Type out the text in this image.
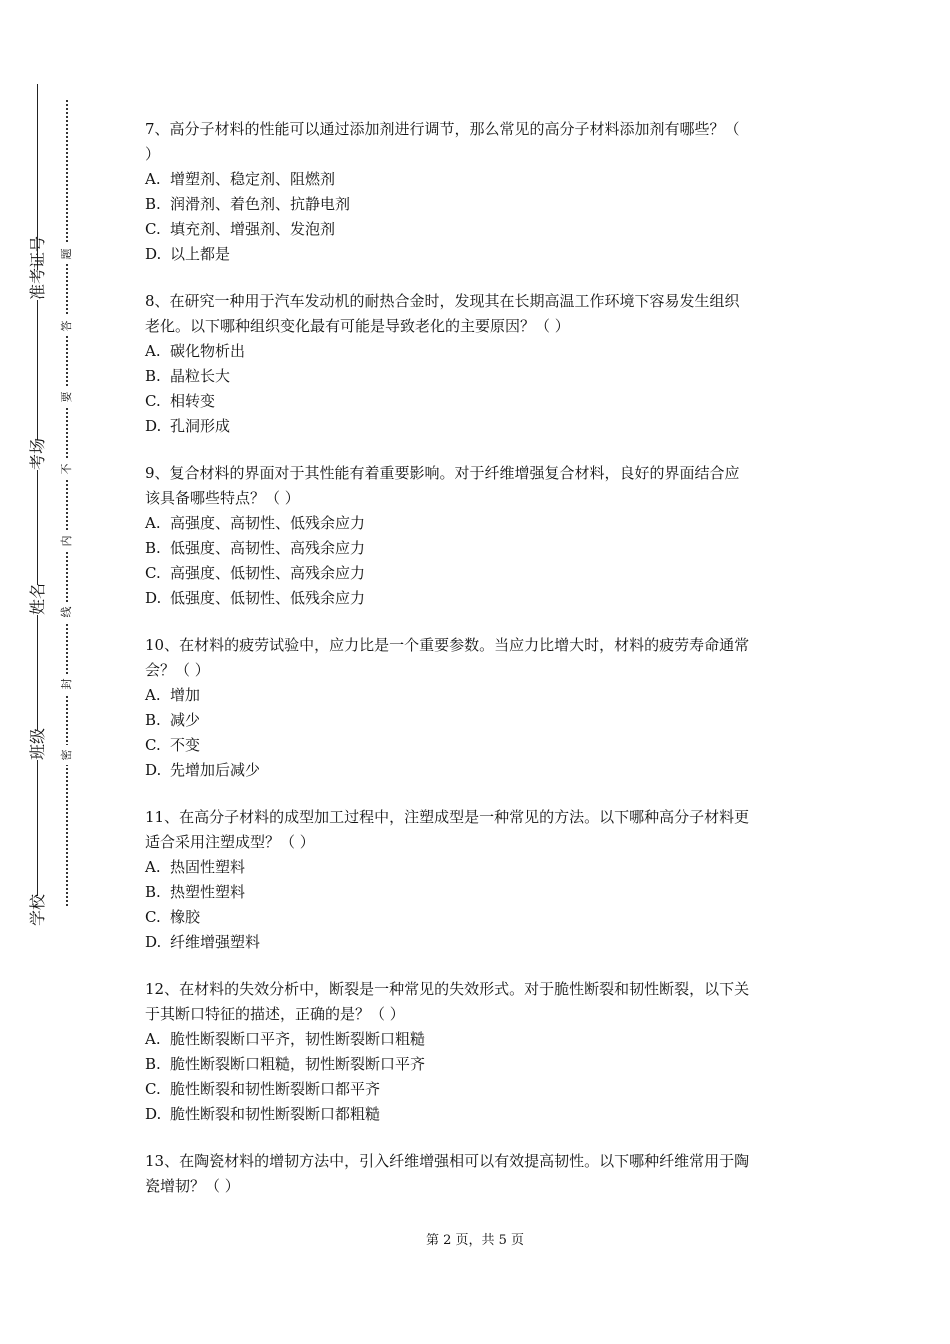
准考证号
考场
姓名
班级
学校
题
答
要
不
内
线
封
密

7、高分子材料的性能可以通过添加剂进行调节，那么常见的高分子材料添加剂有哪些？（

）

A. 增塑剂、稳定剂、阻燃剂
B. 润滑剂、着色剂、抗静电剂
C. 填充剂、增强剂、发泡剂
D. 以上都是

8、在研究一种用于汽车发动机的耐热合金时，发现其在长期高温工作环境下容易发生组织

老化。以下哪种组织变化最有可能是导致老化的主要原因？（ ）

A. 碳化物析出
B. 晶粒长大
C. 相转变
D. 孔洞形成

9、复合材料的界面对于其性能有着重要影响。对于纤维增强复合材料，良好的界面结合应

该具备哪些特点？（ ）

A. 高强度、高韧性、低残余应力
B. 低强度、高韧性、高残余应力
C. 高强度、低韧性、高残余应力
D. 低强度、低韧性、低残余应力

10、在材料的疲劳试验中，应力比是一个重要参数。当应力比增大时，材料的疲劳寿命通常

会？（ ）

A. 增加
B. 减少
C. 不变
D. 先增加后减少

11、在高分子材料的成型加工过程中，注塑成型是一种常见的方法。以下哪种高分子材料更

适合采用注塑成型？（ ）

A. 热固性塑料
B. 热塑性塑料
C. 橡胶
D. 纤维增强塑料

12、在材料的失效分析中，断裂是一种常见的失效形式。对于脆性断裂和韧性断裂，以下关

于其断口特征的描述，正确的是？（ ）

A. 脆性断裂断口平齐，韧性断裂断口粗糙
B. 脆性断裂断口粗糙，韧性断裂断口平齐
C. 脆性断裂和韧性断裂断口都平齐
D. 脆性断裂和韧性断裂断口都粗糙

13、在陶瓷材料的增韧方法中，引入纤维增强相可以有效提高韧性。以下哪种纤维常用于陶

瓷增韧？（ ）

第 2 页，共 5 页
